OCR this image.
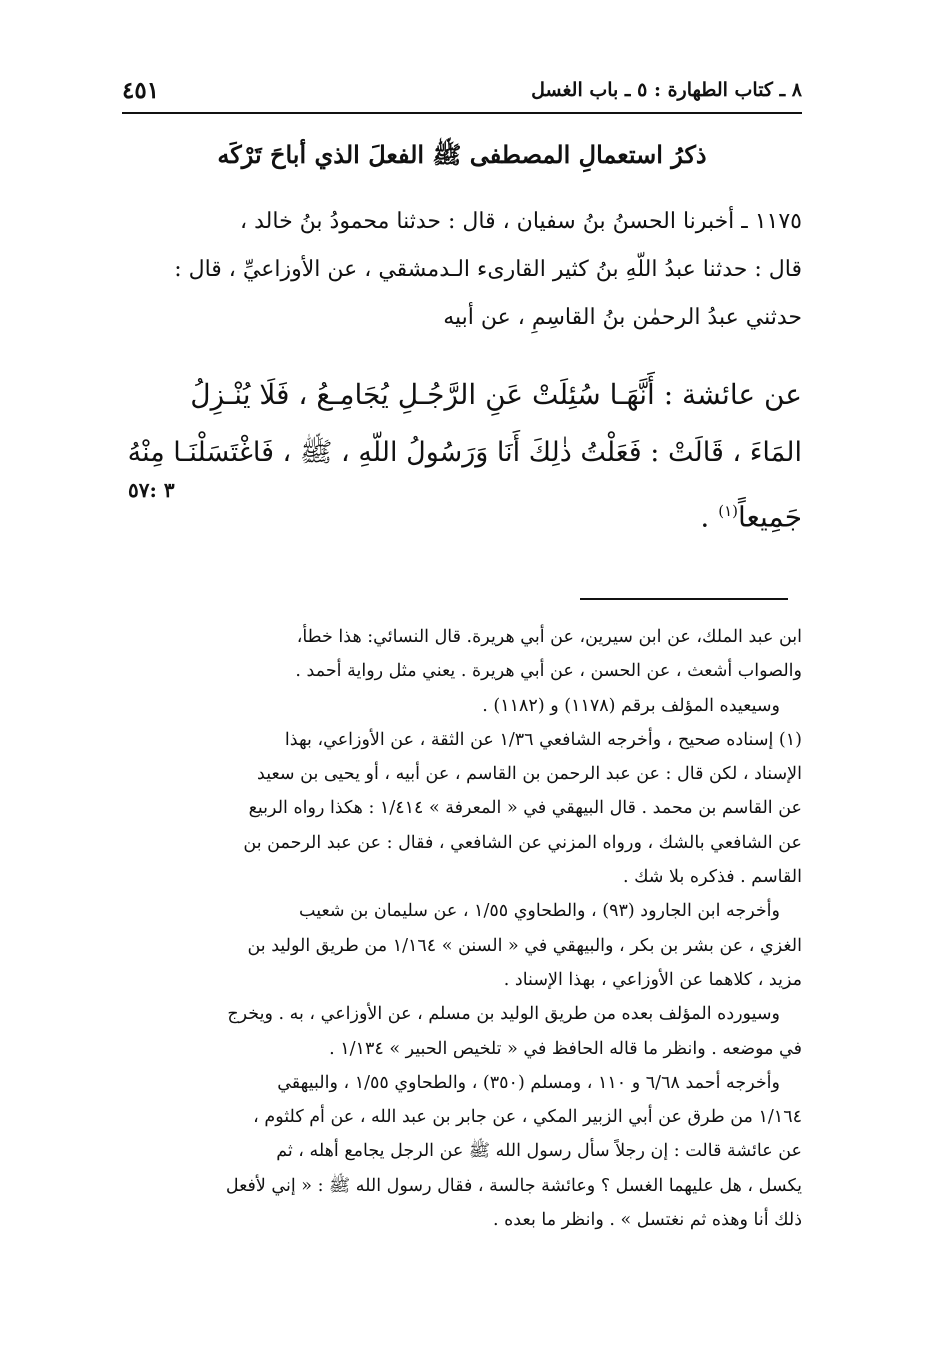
٨ ـ كتاب الطهارة : ٥ ـ باب الغسل
٤٥١
ذكرُ استعمالِ المصطفى ﷺ الفعلَ الذي أباحَ تَرْكَه
١١٧٥ ـ أخبرنا الحسنُ بنُ سفيان ، قال : حدثنا محمودُ بنُ خالد ،
قال : حدثنا عبدُ اللّهِ بنُ كثير القارىء الـدمشقي ، عن الأوزاعيِّ ، قال :
حدثني عبدُ الرحمٰن بنُ القاسِمِ ، عن أبيه
عن عائشة : أَنَّهَـا سُئِلَتْ عَنِ الرَّجُـلِ يُجَامِـعُ ، فَلَا يُنْـزِلُ
المَاءَ ، قَالَتْ : فَعَلْتُ ذٰلِكَ أَنَا وَرَسُولُ اللّهِ ، ﷺ ، فَاغْتَسَلْنَـا مِنْهُ
جَمِيعاً$^{(١)}$ .
٣ :٥٧
ابن عبد الملك، عن ابن سيرين، عن أبي هريرة. قال النسائي: هذا خطأ،
والصواب أشعث ، عن الحسن ، عن أبي هريرة . يعني مثل رواية أحمد .
وسيعيده المؤلف برقم (١١٧٨) و (١١٨٢) .
(١) إسناده صحيح ، وأخرجه الشافعي ١/٣٦ عن الثقة ، عن الأوزاعي، بهذا
الإسناد ، لكن قال : عن عبد الرحمن بن القاسم ، عن أبيه ، أو يحيى بن سعيد
عن القاسم بن محمد . قال البيهقي في « المعرفة » ١/٤١٤ : هكذا رواه الربيع
عن الشافعي بالشك ، ورواه المزني عن الشافعي ، فقال : عن عبد الرحمن بن
القاسم . فذكره بلا شك .
وأخرجه ابن الجارود (٩٣) ، والطحاوي ١/٥٥ ، عن سليمان بن شعيب
الغزي ، عن بشر بن بكر ، والبيهقي في « السنن » ١/١٦٤ من طريق الوليد بن
مزيد ، كلاهما عن الأوزاعي ، بهذا الإسناد .
وسيورده المؤلف بعده من طريق الوليد بن مسلم ، عن الأوزاعي ، به . ويخرج
في موضعه . وانظر ما قاله الحافظ في « تلخيص الحبير » ١/١٣٤ .
وأخرجه أحمد ٦/٦٨ و ١١٠ ، ومسلم (٣٥٠) ، والطحاوي ١/٥٥ ، والبيهقي
١/١٦٤ من طرق عن أبي الزبير المكي ، عن جابر بن عبد الله ، عن أم كلثوم ،
عن عائشة قالت : إن رجلاً سأل رسول الله ﷺ عن الرجل يجامع أهله ، ثم
يكسل ، هل عليهما الغسل ؟ وعائشة جالسة ، فقال رسول الله ﷺ : « إني لأفعل
ذلك أنا وهذه ثم نغتسل » . وانظر ما بعده .
